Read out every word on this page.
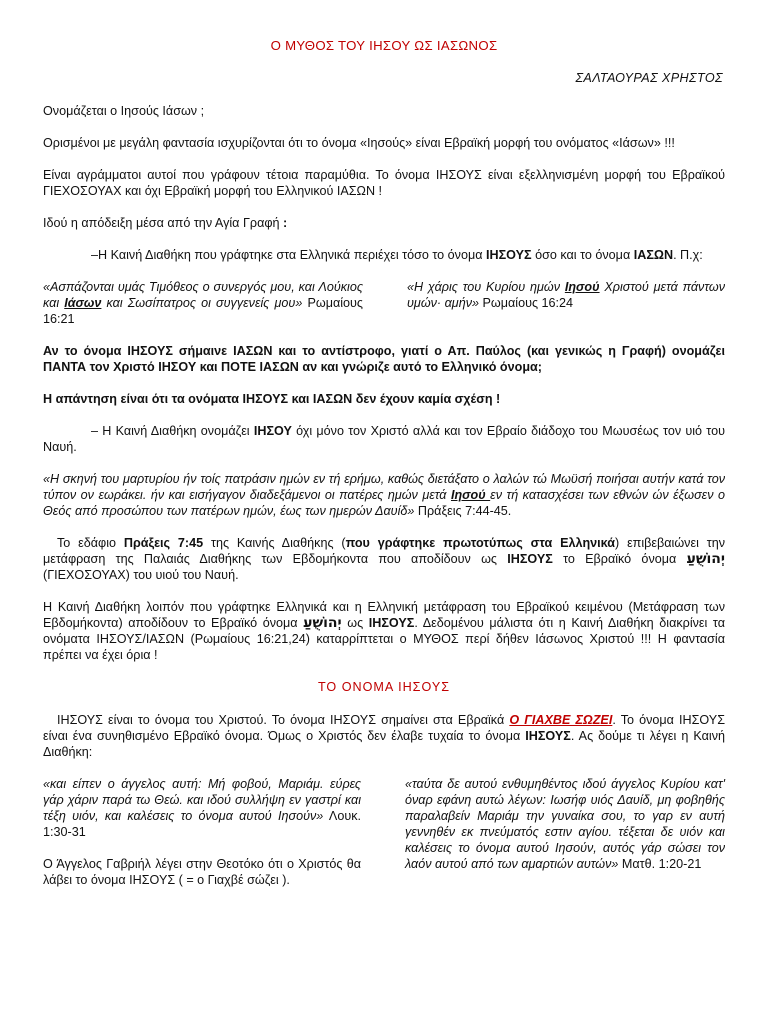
Ο ΜΥΘΟΣ ΤΟΥ ΙΗΣΟΥ ΩΣ ΙΑΣΩΝΟΣ

ΣΑΛΤΑΟΥΡΑΣ ΧΡΗΣΤΟΣ

Ονομάζεται ο Ιησούς Ιάσων ;

Ορισμένοι με μεγάλη φαντασία ισχυρίζονται ότι το όνομα «Ιησούς» είναι Εβραϊκή μορφή του ονόματος «Ιάσων» !!!

Είναι αγράμματοι αυτοί που γράφουν τέτοια παραμύθια. Το όνομα ΙΗΣΟΥΣ είναι εξελληνισμένη μορφή του Εβραϊκού ΓΙΕΧΟΣΟΥΑΧ και όχι Εβραϊκή μορφή του Ελληνικού ΙΑΣΩΝ !

Ιδού η απόδειξη μέσα από την Αγία Γραφή :

–Η Καινή Διαθήκη που γράφτηκε στα Ελληνικά περιέχει τόσο το όνομα ΙΗΣΟΥΣ όσο και το όνομα ΙΑΣΩΝ. Π.χ:

«Ασπάζονται υμάς Τιμόθεος ο συνεργός μου, και Λούκιος και Ιάσων και Σωσίπατρος οι συγγενείς μου» Ρωμαίους 16:21

«Η χάρις του Κυρίου ημών Ιησού Χριστού μετά πάντων υμών· αμήν» Ρωμαίους 16:24

Αν το όνομα ΙΗΣΟΥΣ σήμαινε ΙΑΣΩΝ και το αντίστροφο, γιατί ο Απ. Παύλος (και γενικώς η Γραφή) ονομάζει ΠΑΝΤΑ τον Χριστό ΙΗΣΟΥ και ΠΟΤΕ ΙΑΣΩΝ αν και γνώριζε αυτό το Ελληνικό όνομα;

Η απάντηση είναι ότι τα ονόματα ΙΗΣΟΥΣ και ΙΑΣΩΝ δεν έχουν καμία σχέση !

– Η Καινή Διαθήκη ονομάζει ΙΗΣΟΥ όχι μόνο τον Χριστό αλλά και τον Εβραίο διάδοχο του Μωυσέως τον υιό του Ναυή.

«Η σκηνή του μαρτυρίου ήν τοίς πατράσιν ημών εν τή ερήμω, καθώς διετάξατο ο λαλών τώ Μωϋσή ποιήσαι αυτήν κατά τον τύπον ον εωράκει. ήν και εισήγαγον διαδεξάμενοι οι πατέρες ημών μετά Ιησού εν τή κατασχέσει των εθνών ών έξωσεν ο Θεός από προσώπου των πατέρων ημών, έως των ημερών Δαυίδ» Πράξεις 7:44-45.

Το εδάφιο Πράξεις 7:45 της Καινής Διαθήκης (που γράφτηκε πρωτοτύπως στα Ελληνικά) επιβεβαιώνει την μετάφραση της Παλαιάς Διαθήκης των Εβδομήκοντα που αποδίδουν ως ΙΗΣΟΥΣ το Εβραϊκό όνομα יְהוֹשֻׁעַ (ΓΙΕΧΟΣΟΥΑΧ) του υιού του Ναυή.

Η Καινή Διαθήκη λοιπόν που γράφτηκε Ελληνικά και η Ελληνική μετάφραση του Εβραϊκού κειμένου (Μετάφραση των Εβδομήκοντα) αποδίδουν το Εβραϊκό όνομα יְהוֹשֻׁעַ ως ΙΗΣΟΥΣ. Δεδομένου μάλιστα ότι η Καινή Διαθήκη διακρίνει τα ονόματα ΙΗΣΟΥΣ/ΙΑΣΩΝ (Ρωμαίους 16:21,24) καταρρίπτεται ο ΜΥΘΟΣ περί δήθεν Ιάσωνος Χριστού !!! Η φαντασία πρέπει να έχει όρια !

ΤΟ ΟΝΟΜΑ ΙΗΣΟΥΣ

ΙΗΣΟΥΣ είναι το όνομα του Χριστού. Το όνομα ΙΗΣΟΥΣ σημαίνει στα Εβραϊκά Ο ΓΙΑΧΒΕ ΣΩΖΕΙ. Το όνομα ΙΗΣΟΥΣ είναι ένα συνηθισμένο Εβραϊκό όνομα. Όμως ο Χριστός δεν έλαβε τυχαία το όνομα ΙΗΣΟΥΣ. Ας δούμε τι λέγει η Καινή Διαθήκη:

«και είπεν ο άγγελος αυτή: Μή φοβού, Μαριάμ. εύρες γάρ χάριν παρά τω Θεώ. και ιδού συλλήψη εν γαστρί και τέξη υιόν, και καλέσεις το όνομα αυτού Ιησούν» Λουκ. 1:30-31

Ο Άγγελος Γαβριήλ λέγει στην Θεοτόκο ότι ο Χριστός θα λάβει το όνομα ΙΗΣΟΥΣ ( = ο Γιαχβέ σώζει ).

«ταύτα δε αυτού ενθυμηθέντος ιδού άγγελος Κυρίου κατ' όναρ εφάνη αυτώ λέγων: Ιωσήφ υιός Δαυίδ, μη φοβηθής παραλαβείν Μαριάμ την γυναίκα σου, το γαρ εν αυτή γεννηθέν εκ πνεύματός εστιν αγίου. τέξεται δε υιόν και καλέσεις το όνομα αυτού Ιησούν, αυτός γάρ σώσει τον λαόν αυτού από των αμαρτιών αυτών» Ματθ. 1:20-21
